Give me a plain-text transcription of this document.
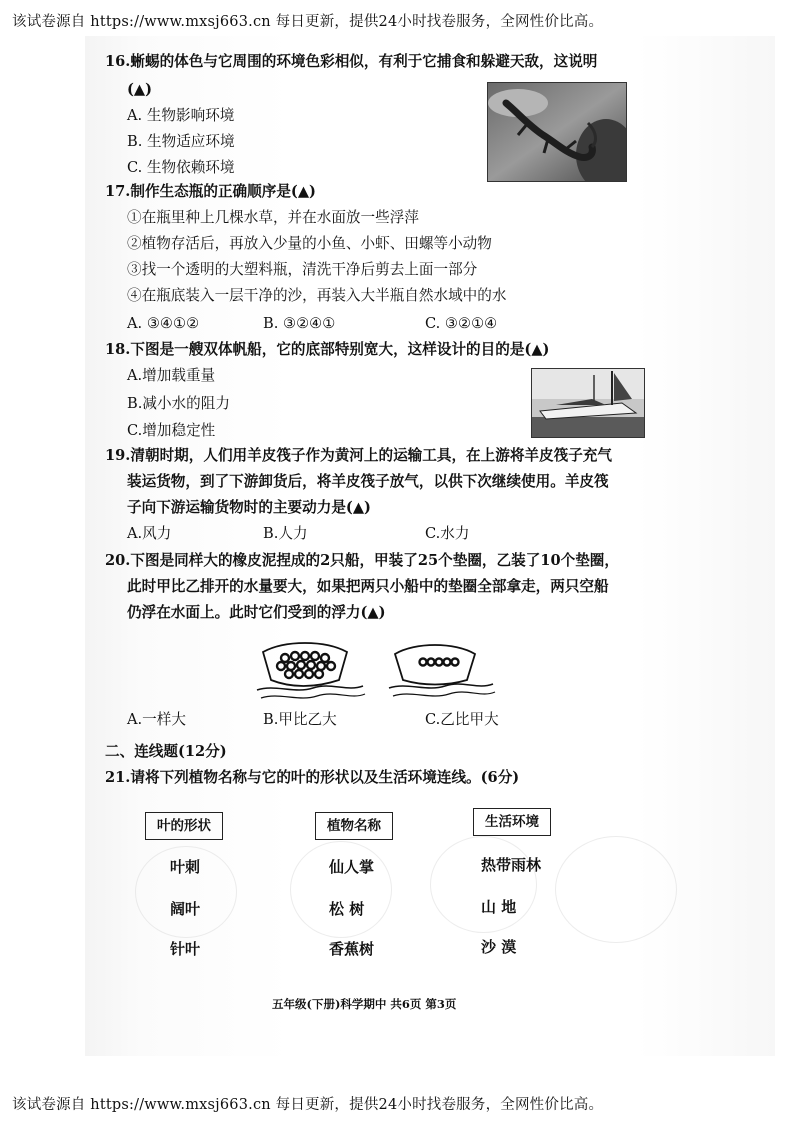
该试卷源自 https://www.mxsj663.cn 每日更新，提供24小时找卷服务，全网性价比高。
16.蜥蜴的体色与它周围的环境色彩相似，有利于它捕食和躲避天敌，这说明
(▲)
A. 生物影响环境
B. 生物适应环境
C. 生物依赖环境
17.制作生态瓶的正确顺序是(▲)
①在瓶里种上几棵水草，并在水面放一些浮萍
②植物存活后，再放入少量的小鱼、小虾、田螺等小动物
③找一个透明的大塑料瓶，清洗干净后剪去上面一部分
④在瓶底装入一层干净的沙，再装入大半瓶自然水域中的水
A. ③④①②	B. ③②④①	C. ③②①④
18.下图是一艘双体帆船，它的底部特别宽大，这样设计的目的是(▲)
A.增加载重量
B.减小水的阻力
C.增加稳定性
19.清朝时期，人们用羊皮筏子作为黄河上的运输工具，在上游将羊皮筏子充气
装运货物，到了下游卸货后，将羊皮筏子放气，以供下次继续使用。羊皮筏
子向下游运输货物时的主要动力是(▲)
A.风力	B.人力	C.水力
20.下图是同样大的橡皮泥捏成的2只船，甲装了25个垫圈，乙装了10个垫圈，
此时甲比乙排开的水量要大，如果把两只小船中的垫圈全部拿走，两只空船
仍浮在水面上。此时它们受到的浮力(▲)
A.一样大	B.甲比乙大	C.乙比甲大
二、连线题(12分)
21.请将下列植物名称与它的叶的形状以及生活环境连线。(6分)
叶的形状	植物名称	生活环境
叶刺
阔叶
针叶
仙人掌
松 树
香蕉树
热带雨林
山 地
沙 漠
五年级(下册)科学期中 共6页 第3页
该试卷源自 https://www.mxsj663.cn 每日更新，提供24小时找卷服务，全网性价比高。
